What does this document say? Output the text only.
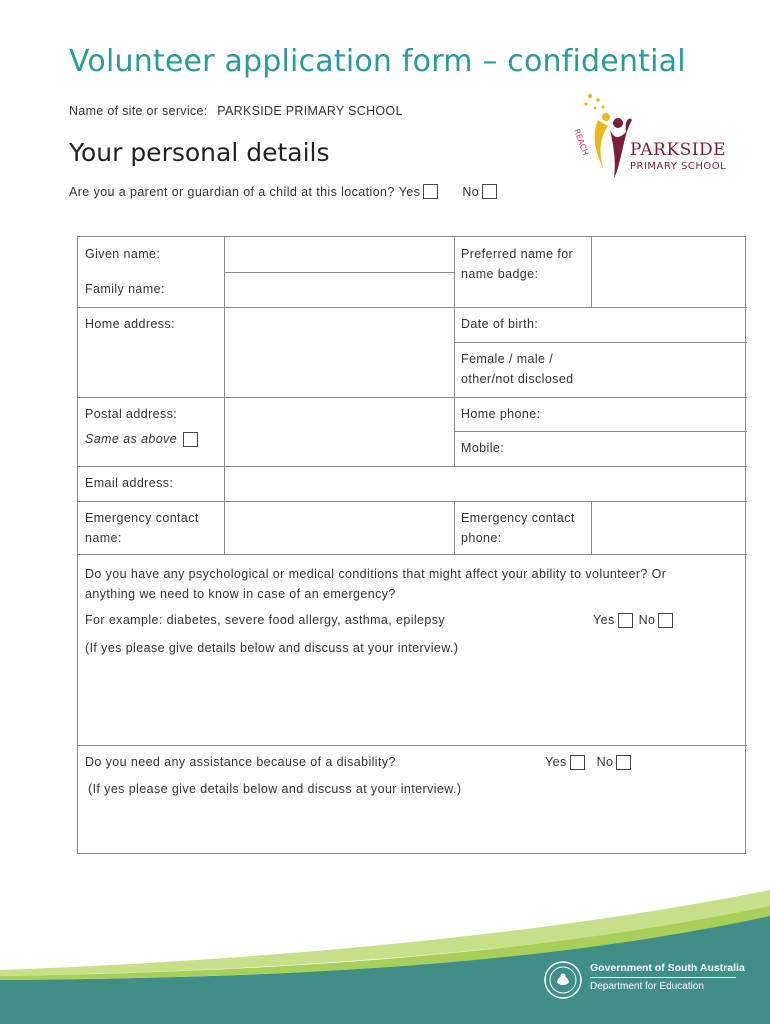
Volunteer application form – confidential
Name of site or service: PARKSIDE PRIMARY SCHOOL
REACH PARKSIDE
PRIMARY SCHOOL
Your personal details
Are you a parent or guardian of a child at this location? Yes	No
Given name:
Family name:
Preferred name for name badge:
Home address:	Date of birth:
Female / male / other/not disclosed
Postal address:
Same as above
Home phone:
Mobile:
Email address:
Emergency contact name:
Emergency contact phone:
Do you have any psychological or medical conditions that might affect your ability to volunteer? Or anything we need to know in case of an emergency?
For example: diabetes, severe food allergy, asthma, epilepsy	Yes No
(If yes please give details below and discuss at your interview.)
Do you need any assistance because of a disability?	Yes No
(If yes please give details below and discuss at your interview.)
Government of South Australia
Department for Education
